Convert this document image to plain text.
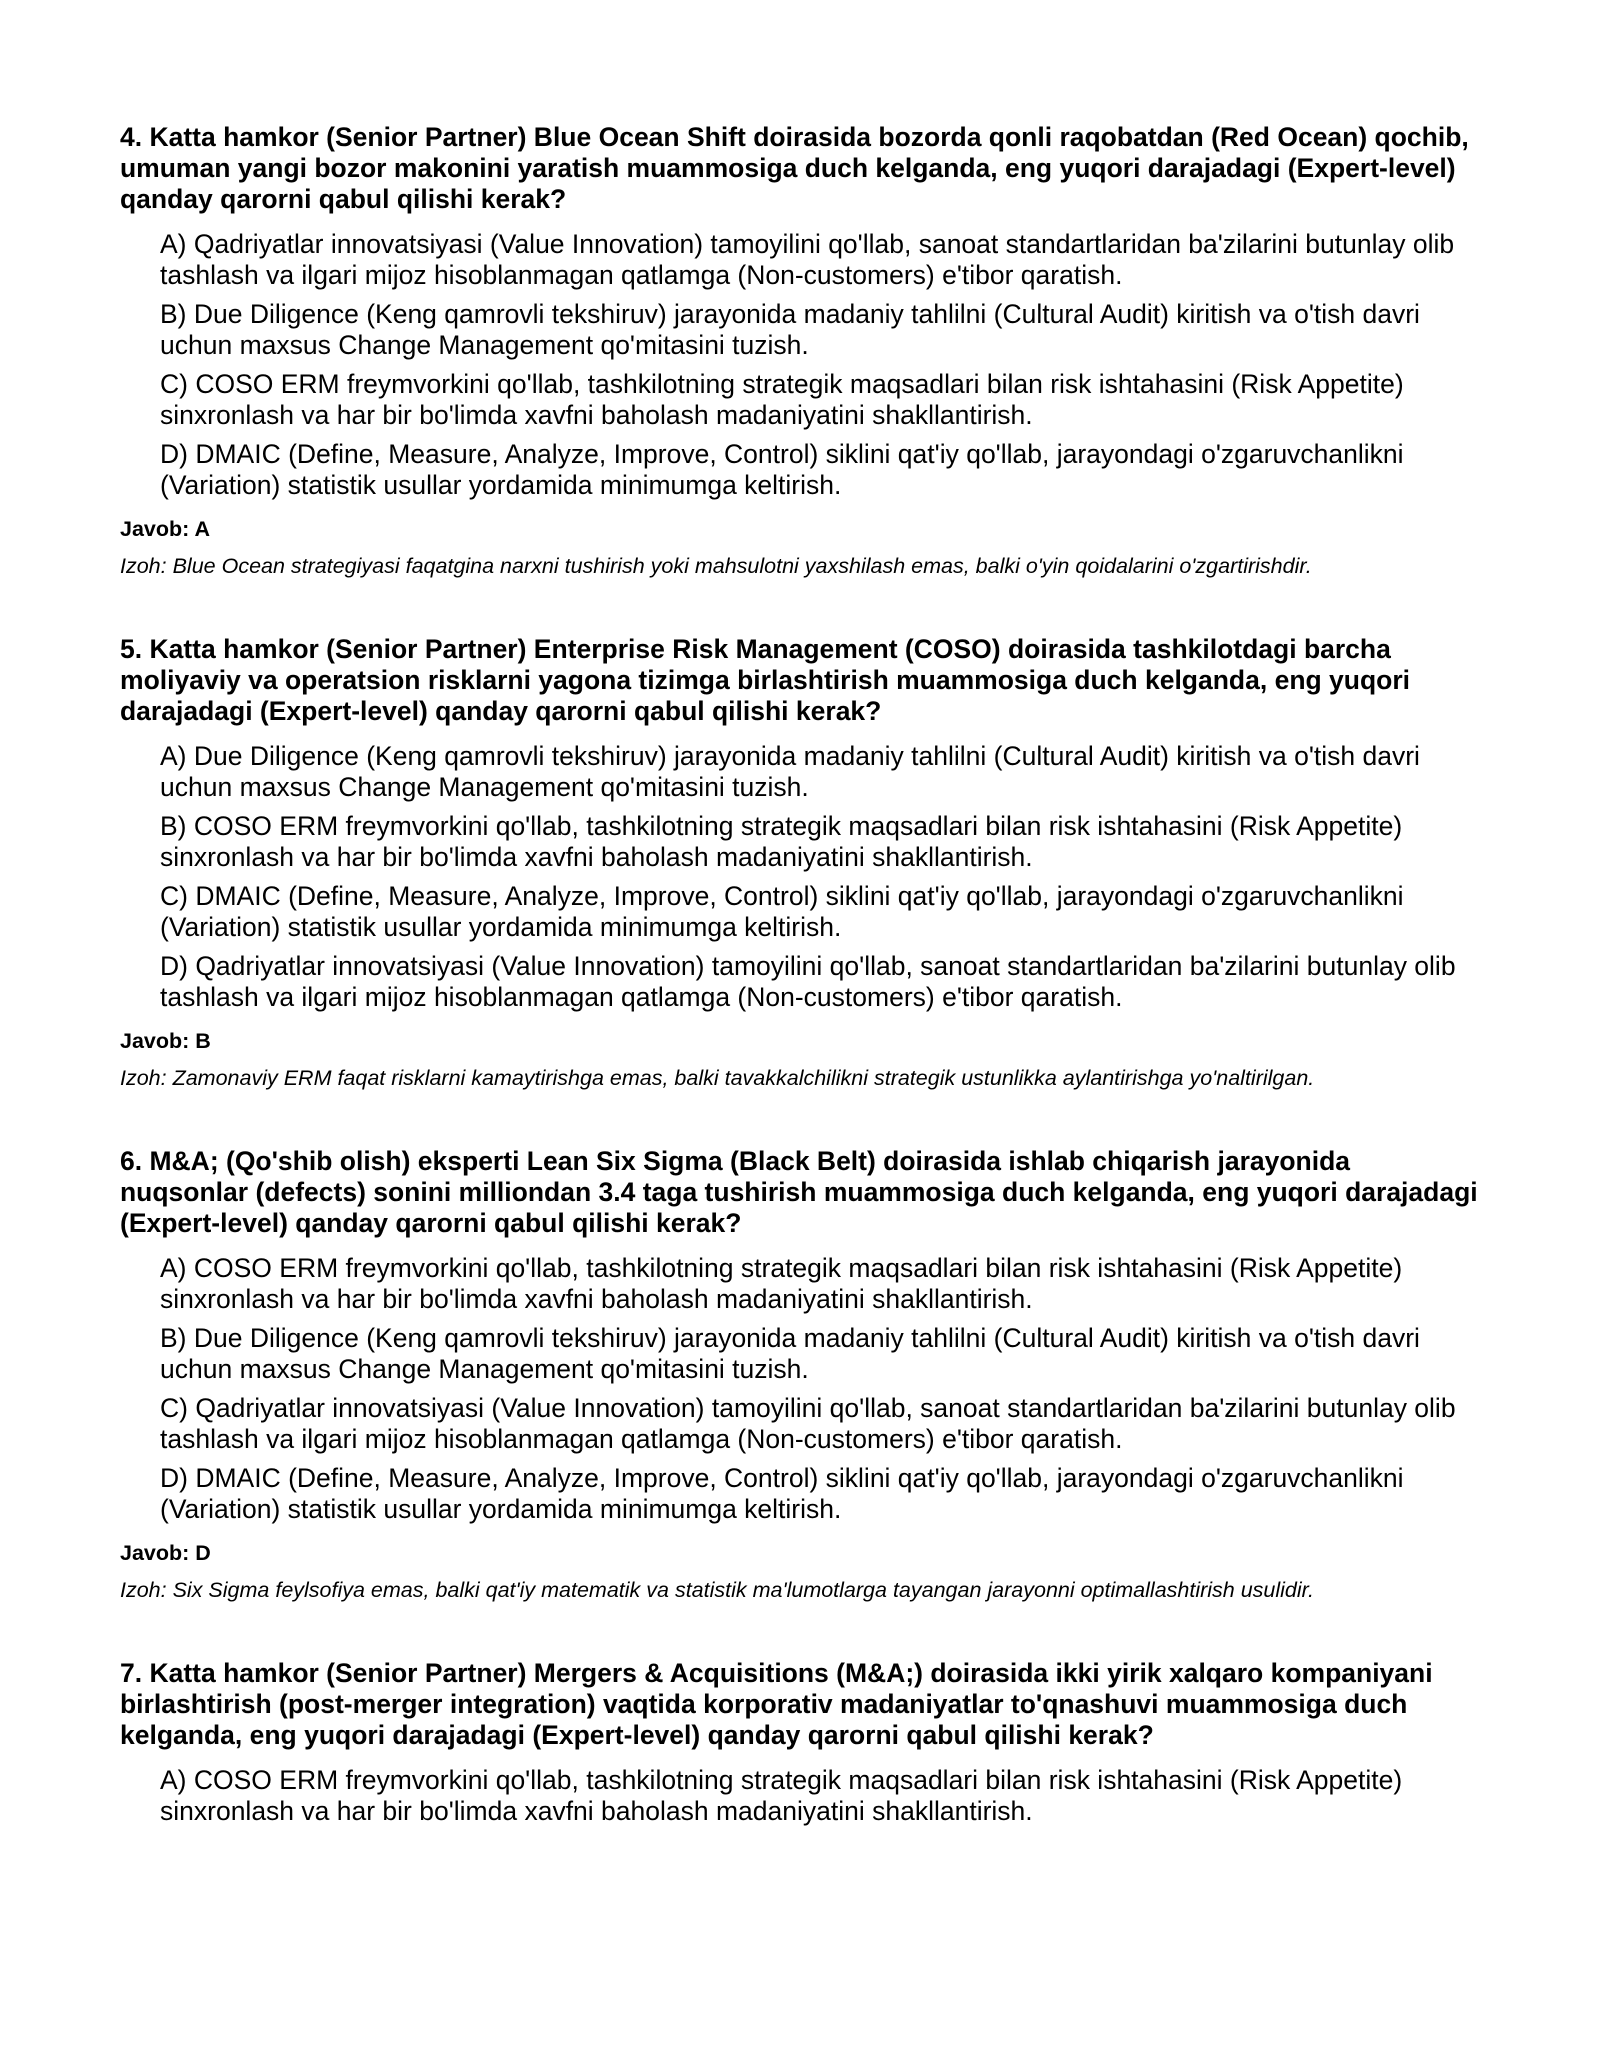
4. Katta hamkor (Senior Partner) Blue Ocean Shift doirasida bozorda qonli raqobatdan (Red Ocean) qochib, umuman yangi bozor makonini yaratish muammosiga duch kelganda, eng yuqori darajadagi (Expert-level) qanday qarorni qabul qilishi kerak?

A) Qadriyatlar innovatsiyasi (Value Innovation) tamoyilini qo'llab, sanoat standartlaridan ba'zilarini butunlay olib tashlash va ilgari mijoz hisoblanmagan qatlamga (Non-customers) e'tibor qaratish.

B) Due Diligence (Keng qamrovli tekshiruv) jarayonida madaniy tahlilni (Cultural Audit) kiritish va o'tish davri uchun maxsus Change Management qo'mitasini tuzish.

C) COSO ERM freymvorkini qo'llab, tashkilotning strategik maqsadlari bilan risk ishtahasini (Risk Appetite) sinxronlash va har bir bo'limda xavfni baholash madaniyatini shakllantirish.

D) DMAIC (Define, Measure, Analyze, Improve, Control) siklini qat'iy qo'llab, jarayondagi o'zgaruvchanlikni (Variation) statistik usullar yordamida minimumga keltirish.

Javob: A

Izoh: Blue Ocean strategiyasi faqatgina narxni tushirish yoki mahsulotni yaxshilash emas, balki o'yin qoidalarini o'zgartirishdir.

5. Katta hamkor (Senior Partner) Enterprise Risk Management (COSO) doirasida tashkilotdagi barcha moliyaviy va operatsion risklarni yagona tizimga birlashtirish muammosiga duch kelganda, eng yuqori darajadagi (Expert-level) qanday qarorni qabul qilishi kerak?

A) Due Diligence (Keng qamrovli tekshiruv) jarayonida madaniy tahlilni (Cultural Audit) kiritish va o'tish davri uchun maxsus Change Management qo'mitasini tuzish.

B) COSO ERM freymvorkini qo'llab, tashkilotning strategik maqsadlari bilan risk ishtahasini (Risk Appetite) sinxronlash va har bir bo'limda xavfni baholash madaniyatini shakllantirish.

C) DMAIC (Define, Measure, Analyze, Improve, Control) siklini qat'iy qo'llab, jarayondagi o'zgaruvchanlikni (Variation) statistik usullar yordamida minimumga keltirish.

D) Qadriyatlar innovatsiyasi (Value Innovation) tamoyilini qo'llab, sanoat standartlaridan ba'zilarini butunlay olib tashlash va ilgari mijoz hisoblanmagan qatlamga (Non-customers) e'tibor qaratish.

Javob: B

Izoh: Zamonaviy ERM faqat risklarni kamaytirishga emas, balki tavakkalchilikni strategik ustunlikka aylantirishga yo'naltirilgan.

6. M&A; (Qo'shib olish) eksperti Lean Six Sigma (Black Belt) doirasida ishlab chiqarish jarayonida nuqsonlar (defects) sonini milliondan 3.4 taga tushirish muammosiga duch kelganda, eng yuqori darajadagi (Expert-level) qanday qarorni qabul qilishi kerak?

A) COSO ERM freymvorkini qo'llab, tashkilotning strategik maqsadlari bilan risk ishtahasini (Risk Appetite) sinxronlash va har bir bo'limda xavfni baholash madaniyatini shakllantirish.

B) Due Diligence (Keng qamrovli tekshiruv) jarayonida madaniy tahlilni (Cultural Audit) kiritish va o'tish davri uchun maxsus Change Management qo'mitasini tuzish.

C) Qadriyatlar innovatsiyasi (Value Innovation) tamoyilini qo'llab, sanoat standartlaridan ba'zilarini butunlay olib tashlash va ilgari mijoz hisoblanmagan qatlamga (Non-customers) e'tibor qaratish.

D) DMAIC (Define, Measure, Analyze, Improve, Control) siklini qat'iy qo'llab, jarayondagi o'zgaruvchanlikni (Variation) statistik usullar yordamida minimumga keltirish.

Javob: D

Izoh: Six Sigma feylsofiya emas, balki qat'iy matematik va statistik ma'lumotlarga tayangan jarayonni optimallashtirish usulidir.

7. Katta hamkor (Senior Partner) Mergers & Acquisitions (M&A;) doirasida ikki yirik xalqaro kompaniyani birlashtirish (post-merger integration) vaqtida korporativ madaniyatlar to'qnashuvi muammosiga duch kelganda, eng yuqori darajadagi (Expert-level) qanday qarorni qabul qilishi kerak?

A) COSO ERM freymvorkini qo'llab, tashkilotning strategik maqsadlari bilan risk ishtahasini (Risk Appetite) sinxronlash va har bir bo'limda xavfni baholash madaniyatini shakllantirish.
